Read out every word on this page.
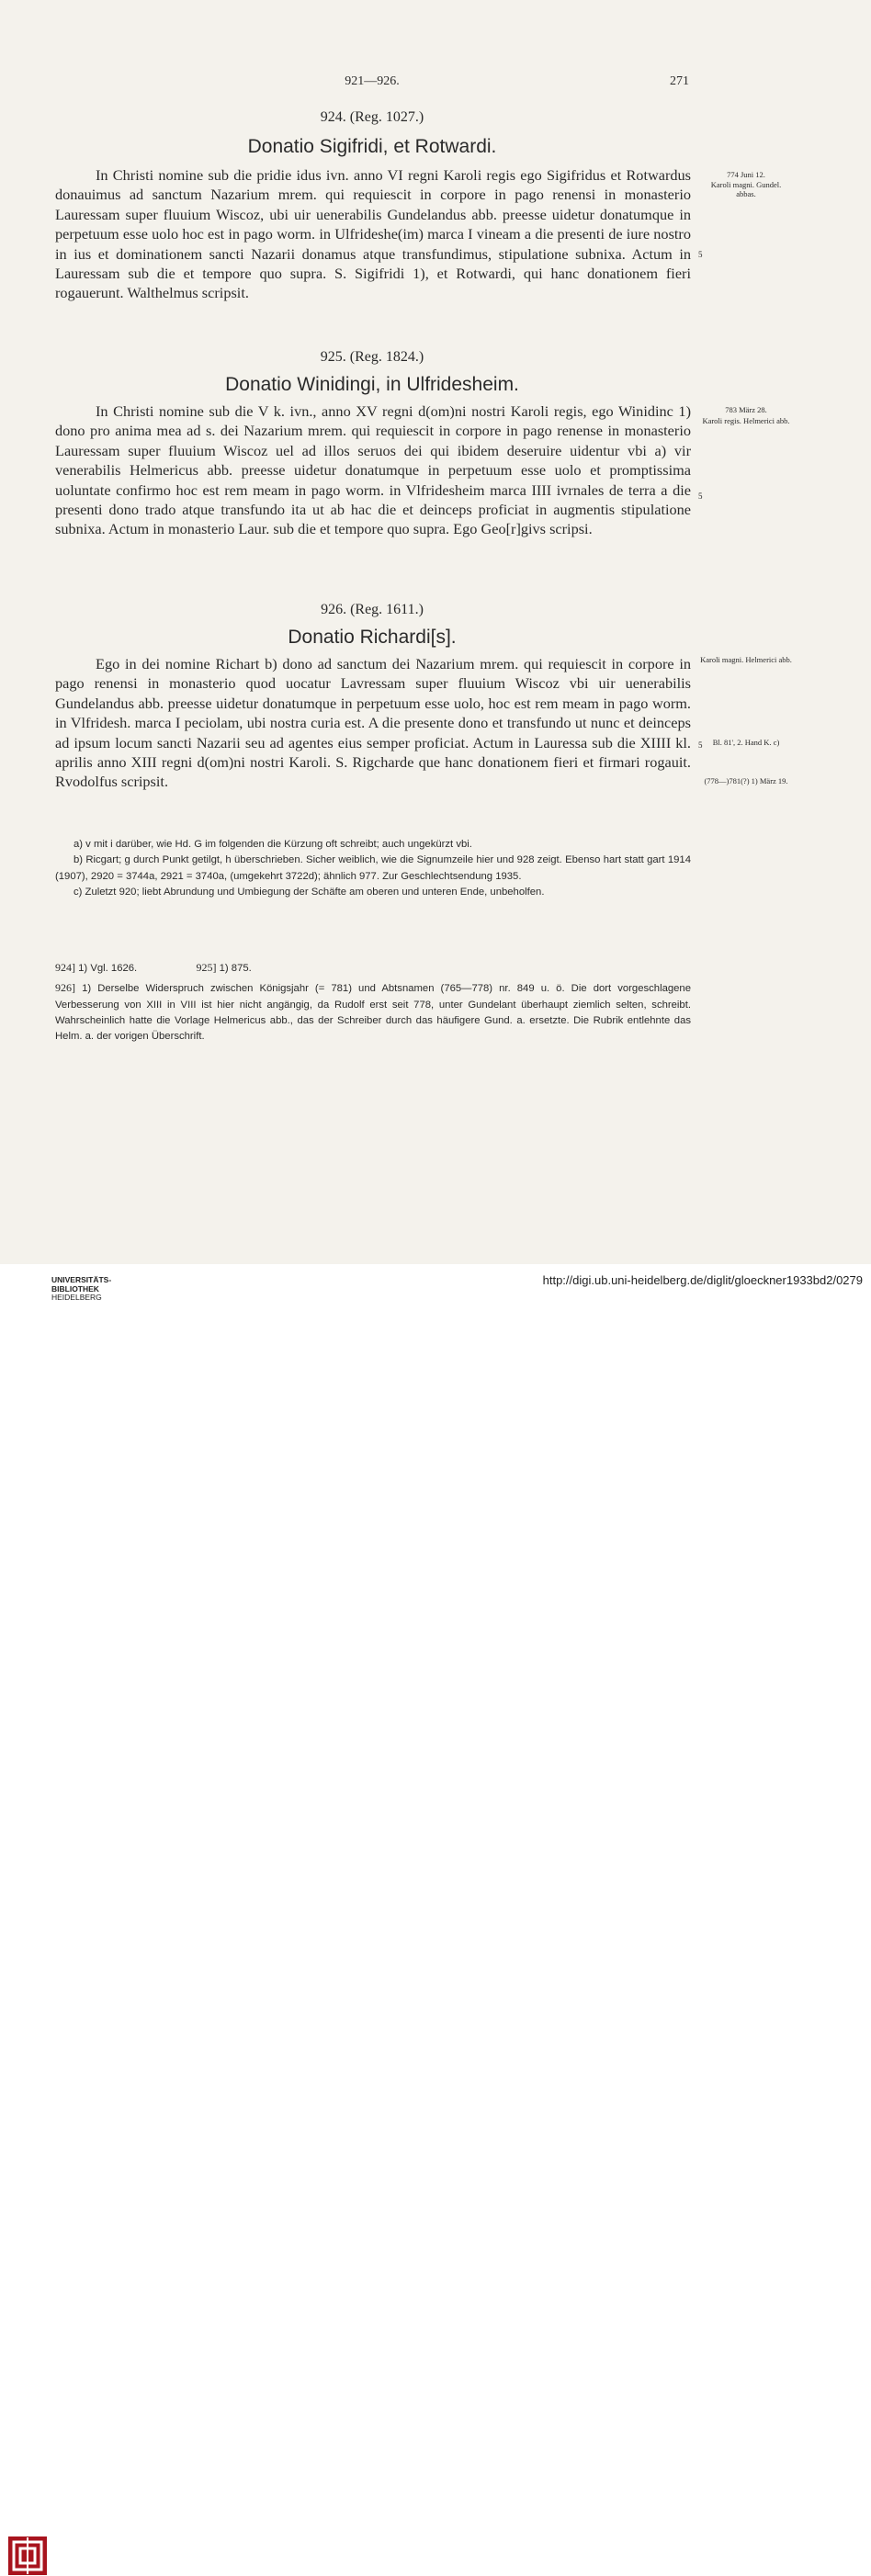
921—926.	271
924. (Reg. 1027.)
Donatio Sigifridi, et Rotwardi.

In Christi nomine sub die pridie idus ivn. anno VI regni Karoli regis ego Sigifridus et Rotwardus donauimus ad sanctum Nazarium mrem. qui requiescit in corpore in pago renensi in monasterio Lauressam super fluuium Wiscoz, ubi uir uenerabilis Gundelandus abb. preesse uidetur donatumque in perpetuum esse uolo hoc est in pago worm. in Ulfrideshe(im) marca I vineam a die presenti de iure nostro in ius et dominationem sancti Nazarii donamus atque transfundimus, stipulatione subnixa. Actum in Lauressam sub die et tempore quo supra. S. Sigifridi 1), et Rotwardi, qui hanc donationem fieri rogauerunt. Walthelmus scripsit.

774 Juni 12.
Karoli magni. Gundel. abbas.
5
925. (Reg. 1824.)
Donatio Winidingi, in Ulfridesheim.

In Christi nomine sub die V k. ivn., anno XV regni d(om)ni nostri Karoli regis, ego Winidinc 1) dono pro anima mea ad s. dei Nazarium mrem. qui requiescit in corpore in pago renense in monasterio Lauressam super fluuium Wiscoz uel ad illos seruos dei qui ibidem deseruire uidentur vbi a) vir venerabilis Helmericus abb. preesse uidetur donatumque in perpetuum esse uolo et promptissima uoluntate confirmo hoc est rem meam in pago worm. in Vlfridesheim marca IIII ivrnales de terra a die presenti dono trado atque transfundo ita ut ab hac die et deinceps proficiat in augmentis stipulatione subnixa. Actum in monasterio Laur. sub die et tempore quo supra. Ego Geo[r]givs scripsi.

783 März 28.
Karoli regis. Helmerici abb.
5
926. (Reg. 1611.)
Donatio Richardi[s].

Ego in dei nomine Richart b) dono ad sanctum dei Nazarium mrem. qui requiescit in corpore in pago renensi in monasterio quod uocatur Lavressam super fluuium Wiscoz vbi uir uenerabilis Gundelandus abb. preesse uidetur donatumque in perpetuum esse uolo, hoc est rem meam in pago worm. in Vlfridesh. marca I peciolam, ubi nostra curia est. A die presente dono et transfundo ut nunc et deinceps ad ipsum locum sancti Nazarii seu ad agentes eius semper proficiat. Actum in Lauressa sub die XIIII kl. aprilis anno XIII regni d(om)ni nostri Karoli. S. Rigcharde que hanc donationem fieri et firmari rogauit. Rvodolfus scripsit.

Karoli magni. Helmerici abb.
5	Bl. 81', 2. Hand K. c)
(778—)781(?) 1) März 19.

a) v mit i darüber, wie Hd. G im folgenden die Kürzung oft schreibt; auch ungekürzt vbi.

b) Ricgart; g durch Punkt getilgt, h überschrieben. Sicher weiblich, wie die Signumzeile hier und 928 zeigt. Ebenso hart statt gart 1914 (1907), 2920 = 3744a, 2921 = 3740a, (umgekehrt 3722d); ähnlich 977. Zur Geschlechtsendung 1935.

c) Zuletzt 920; liebt Abrundung und Umbiegung der Schäfte am oberen und unteren Ende, unbeholfen.

924] 1) Vgl. 1626.	925] 1) 875.

926] 1) Derselbe Widerspruch zwischen Königsjahr (= 781) und Abtsnamen (765—778) nr. 849 u. ö. Die dort vorgeschlagene Verbesserung von XIII in VIII ist hier nicht angängig, da Rudolf erst seit 778, unter Gundelant überhaupt ziemlich selten, schreibt. Wahrscheinlich hatte die Vorlage Helmericus abb., das der Schreiber durch das häufigere Gund. a. ersetzte. Die Rubrik entlehnte das Helm. a. der vorigen Überschrift.

UNIVERSITÄTS-
BIBLIOTHEK
HEIDELBERG
http://digi.ub.uni-heidelberg.de/diglit/gloeckner1933bd2/0279
